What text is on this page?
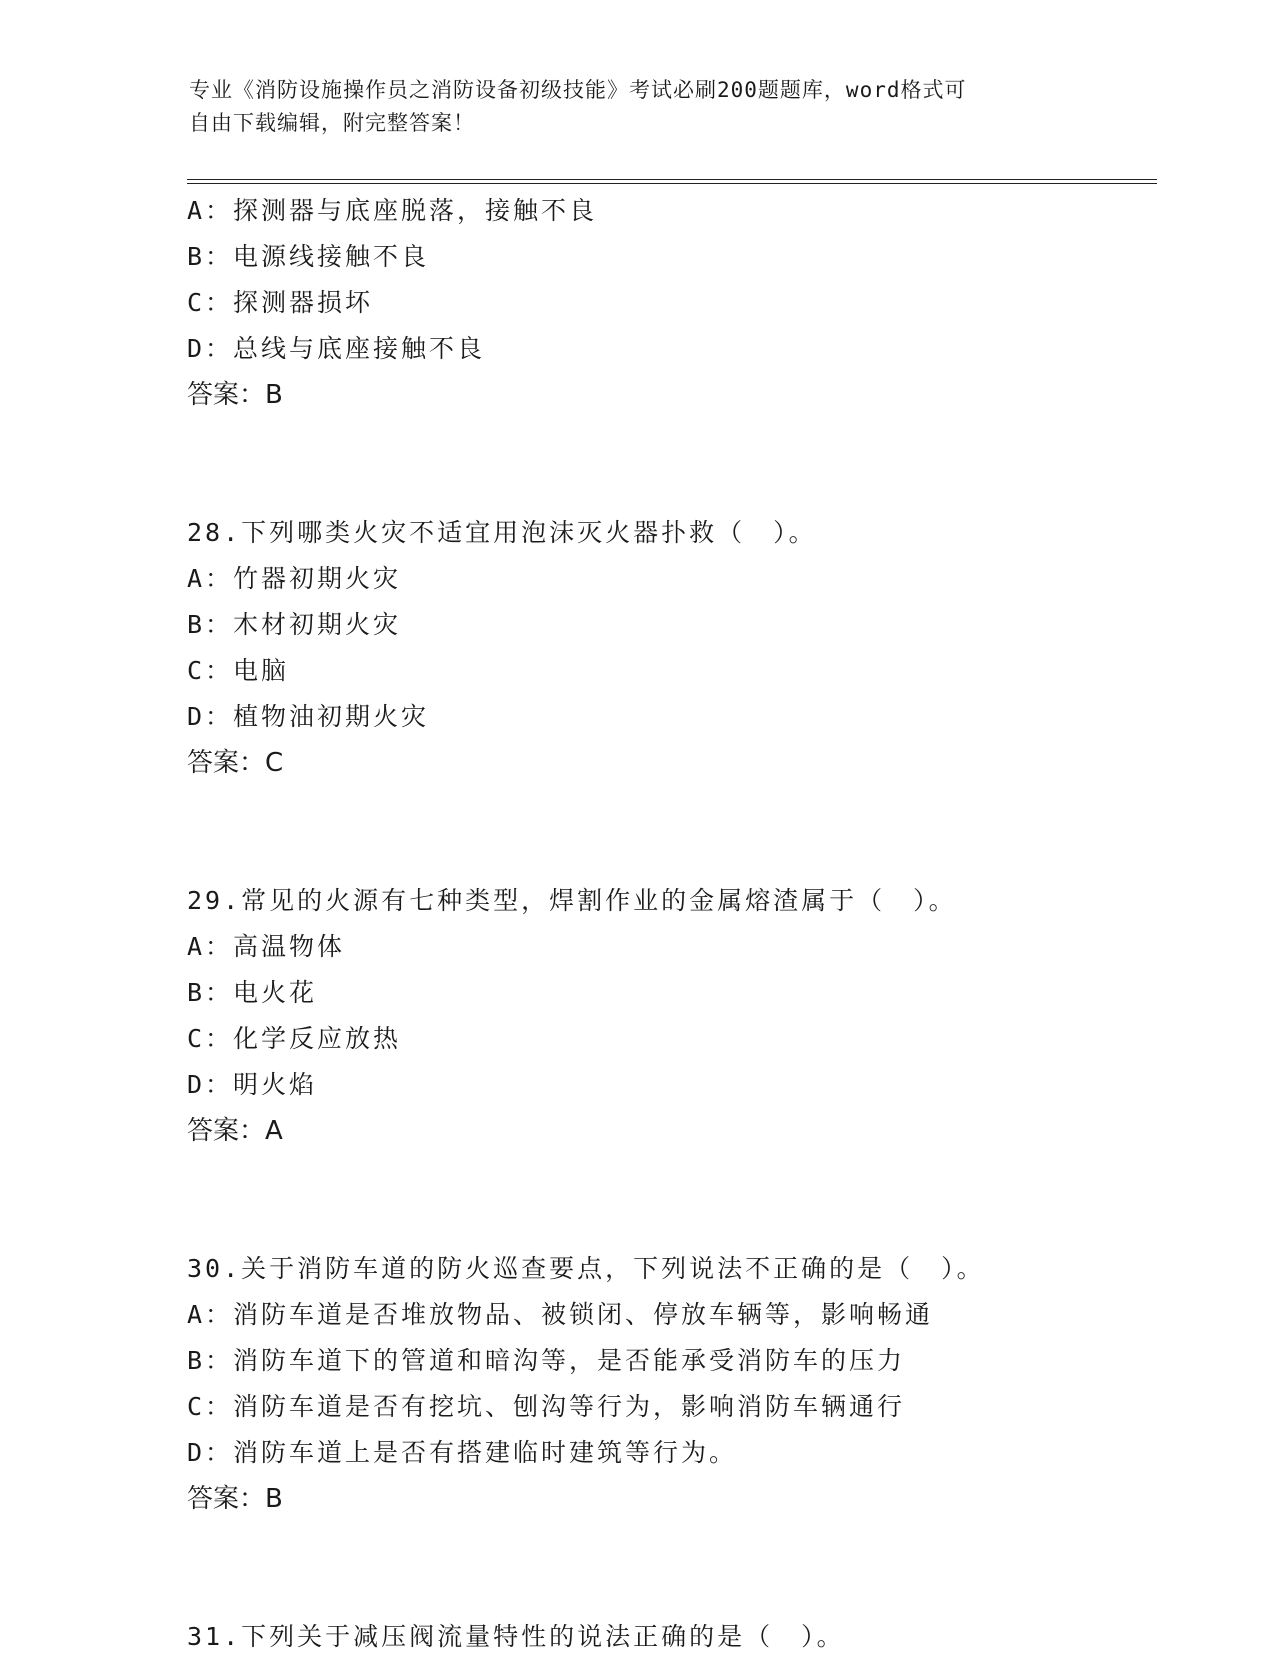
专业《消防设施操作员之消防设备初级技能》考试必刷200题题库，word格式可
自由下载编辑，附完整答案！
A：探测器与底座脱落，接触不良
B：电源线接触不良
C：探测器损坏
D：总线与底座接触不良
答案：B
28.下列哪类火灾不适宜用泡沫灭火器扑救（　）。
A：竹器初期火灾
B：木材初期火灾
C：电脑
D：植物油初期火灾
答案：C
29.常见的火源有七种类型，焊割作业的金属熔渣属于（　）。
A：高温物体
B：电火花
C：化学反应放热
D：明火焰
答案：A
30.关于消防车道的防火巡查要点，下列说法不正确的是（　）。
A：消防车道是否堆放物品、被锁闭、停放车辆等，影响畅通
B：消防车道下的管道和暗沟等，是否能承受消防车的压力
C：消防车道是否有挖坑、刨沟等行为，影响消防车辆通行
D：消防车道上是否有搭建临时建筑等行为。
答案：B
31.下列关于减压阀流量特性的说法正确的是（　）。
